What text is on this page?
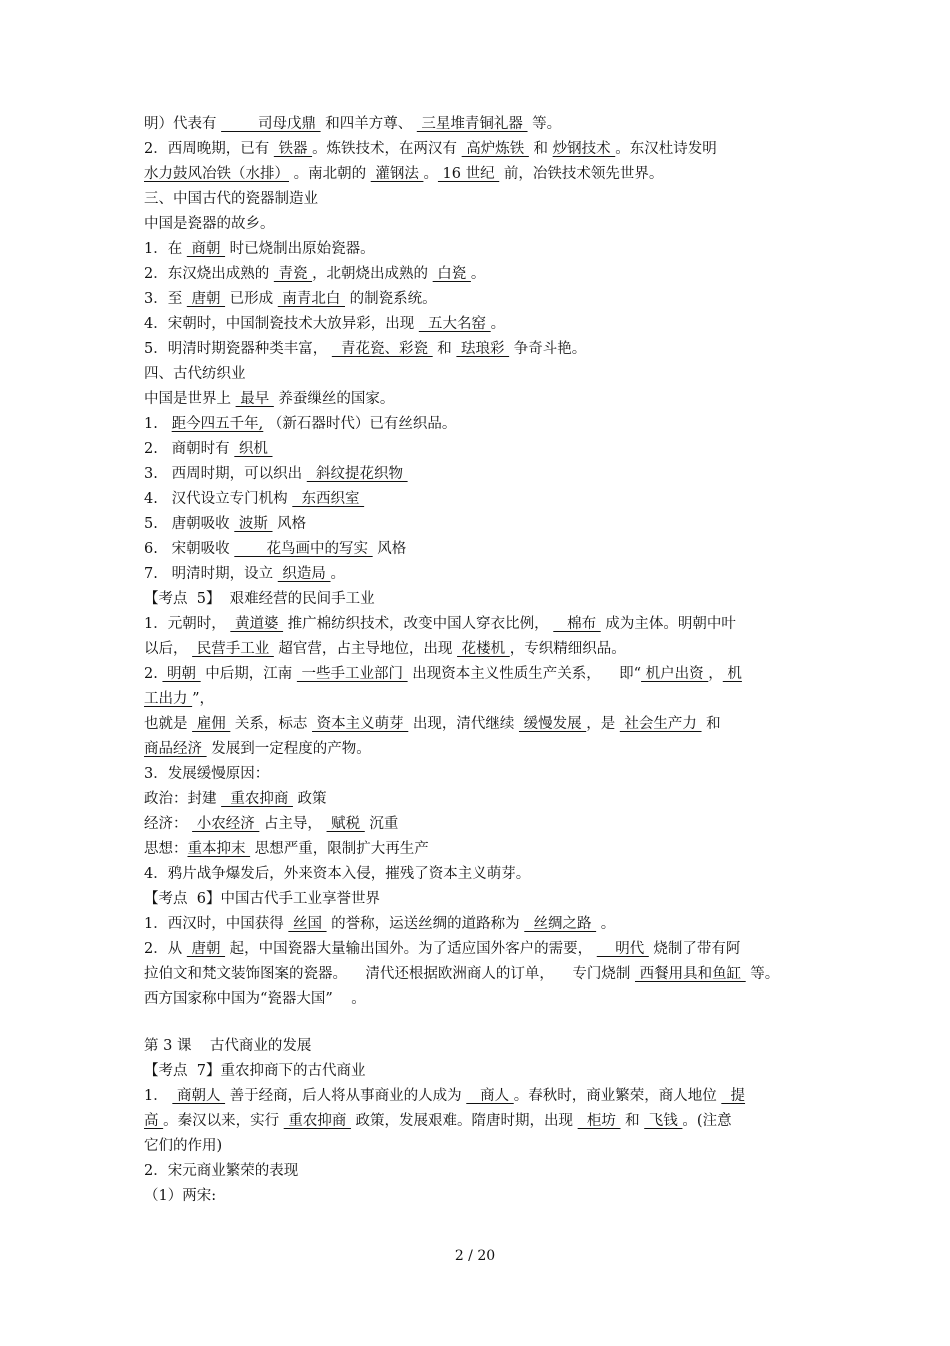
明）代表有         司母戊鼎  和四羊方尊、  三星堆青铜礼器  等。
2．西周晚期，已有  铁器 。炼铁技术，在两汉有  高炉炼铁  和 炒钢技术 。东汉杜诗发明
水力鼓风冶铁（水排） 。南北朝的  灌钢法 。 16 世纪  前，冶铁技术领先世界。
三、中国古代的瓷器制造业
中国是瓷器的故乡。
1．在  商朝  时已烧制出原始瓷器。
2．东汉烧出成熟的  青瓷 ，北朝烧出成熟的  白瓷 。
3．至  唐朝  已形成  南青北白  的制瓷系统。
4．宋朝时，中国制瓷技术大放异彩，出现   五大名窑 。
5．明清时期瓷器种类丰富，   青花瓷、彩瓷  和  珐琅彩  争奇斗艳。
四、古代纺织业
中国是世界上  最早  养蚕缫丝的国家。
1.   距今四五千年, （新石器时代）已有丝织品。
2.   商朝时有  织机
3.   西周时期，可以织出   斜纹提花织物
4.   汉代设立专门机构   东西织室
5.   唐朝吸收  波斯  风格
6.   宋朝吸收        花鸟画中的写实  风格
7.   明清时期，设立  织造局 。
【考点  5】  艰难经营的民间手工业
1．元朝时，  黄道婆  推广棉纺织技术，改变中国人穿衣比例，    棉布  成为主体。明朝中叶
以后，  民营手工业  超官营，占主导地位，出现  花楼机 ，专织精细织品。
2.  明朝  中后期，江南  一些手工业部门  出现资本主义性质生产关系，    即“ 机户出资 ， 机
工出力 ”，
也就是  雇佣  关系，标志  资本主义萌芽  出现，清代继续  缓慢发展 ，是  社会生产力  和
商品经济  发展到一定程度的产物。
3．发展缓慢原因：
政治：封建   重农抑商  政策
经济：  小农经济  占主导，  赋税  沉重
思想：重本抑末  思想严重，限制扩大再生产
4．鸦片战争爆发后，外来资本入侵，摧残了资本主义萌芽。
【考点  6】中国古代手工业享誉世界
1．西汉时，中国获得  丝国  的誉称，运送丝绸的道路称为   丝绸之路  。
2．从  唐朝  起，中国瓷器大量输出国外。为了适应国外客户的需要，     明代  烧制了带有阿
拉伯文和梵文装饰图案的瓷器。    清代还根据欧洲商人的订单，    专门烧制  西餐用具和鱼缸  等。
西方国家称中国为“瓷器大国”    。
第 3 课    古代商业的发展
【考点  7】重农抑商下的古代商业
1．  商朝人  善于经商，后人将从事商业的人成为    商人 。春秋时，商业繁荣，商人地位   提
高 。秦汉以来，实行  重农抑商  政策，发展艰难。隋唐时期，出现   柜坊  和  飞钱 。(注意
它们的作用)
2．宋元商业繁荣的表现
（1）两宋:
2 / 20
